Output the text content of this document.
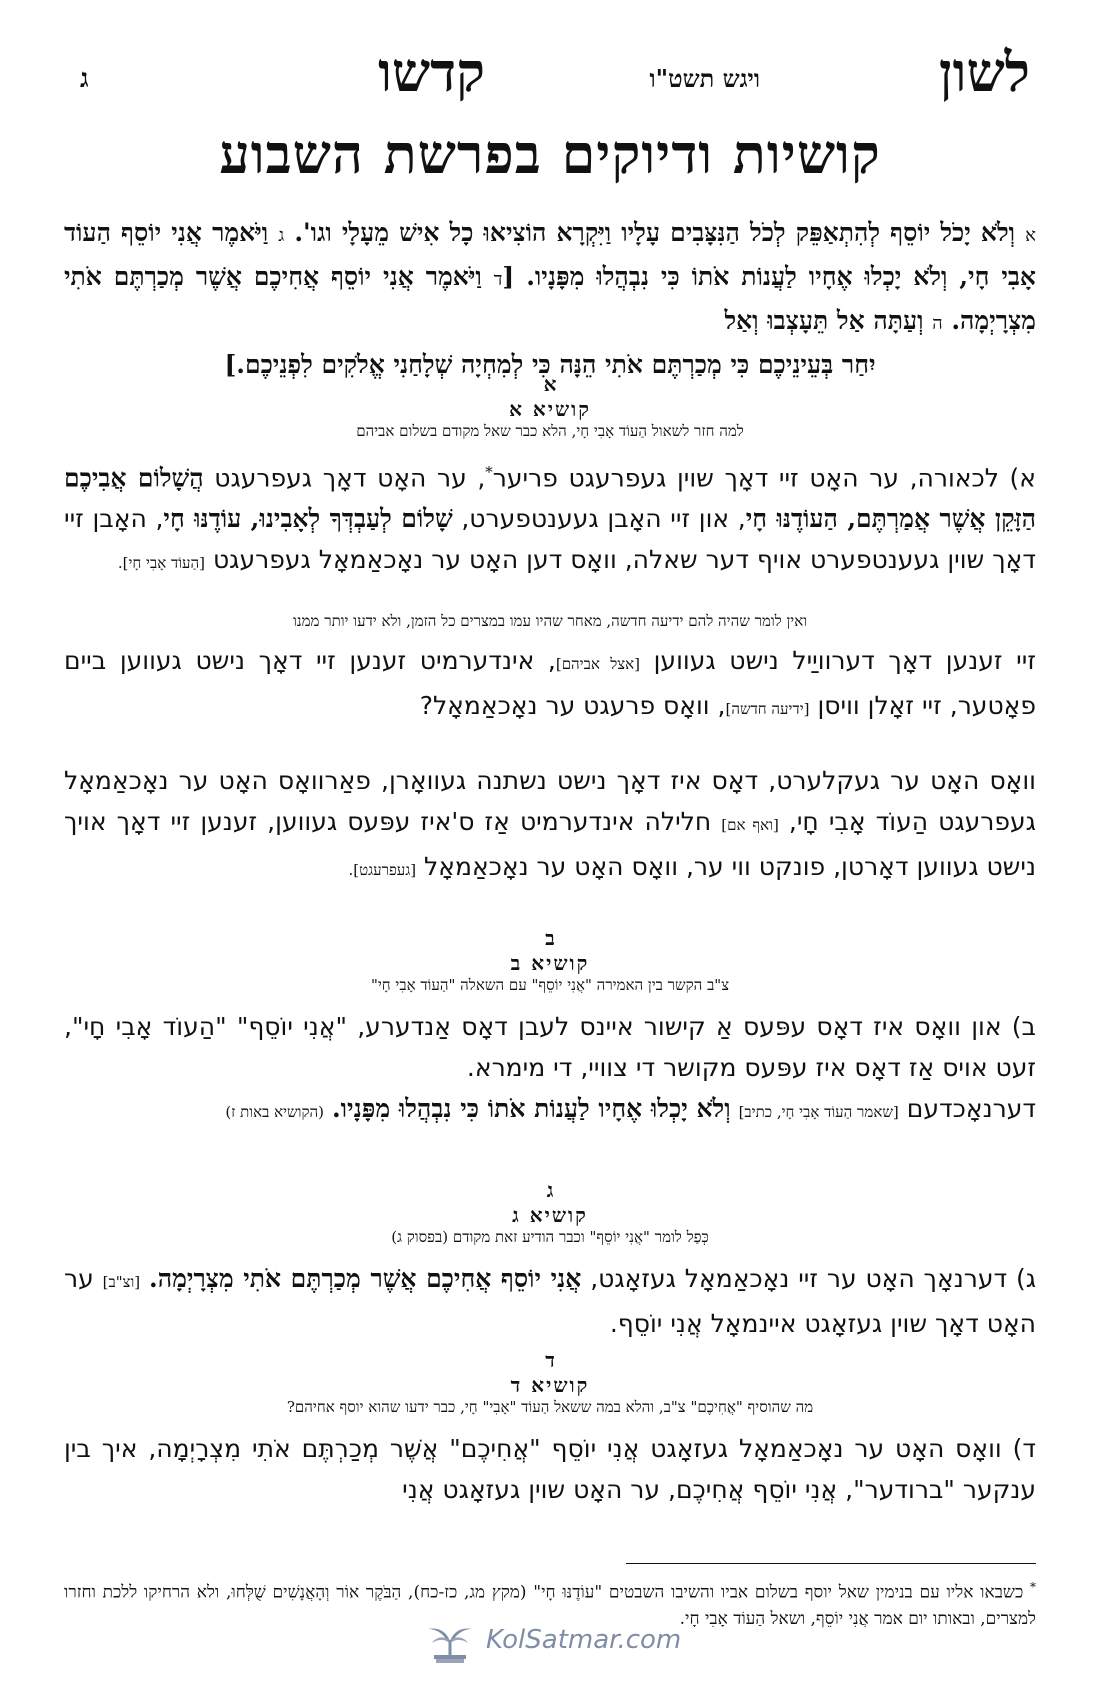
לשון
ויגש תשט"ו
קדשו
ג
קושיות ודיוקים בפרשת השבוע
א וְלֹא יָכֹל יוֹסֵף לְהִתְאַפֵּק לְכֹל הַנִּצָּבִים עָלָיו וַיִּקְרָא הוֹצִיאוּ כָל אִישׁ מֵעָלָי וגו'. ג וַיֹּאמֶר אֲנִי יוֹסֵף הַעוֹד אָבִי חָי, וְלֹא יָכְלוּ אֶחָיו לַעֲנוֹת אֹתוֹ כִּי נִבְהֲלוּ מִפָּנָיו. [ד וַיֹּאמֶר אֲנִי יוֹסֵף אֲחִיכֶם אֲשֶׁר מְכַרְתֶּם אֹתִי מִצְרָיְמָה. ה וְעַתָּה אַל תֵּעָצְבוּ וְאַל
יִחַר בְּעֵינֵיכֶם כִּי מְכַרְתֶּם אֹתִי הֵנָּה כִּי לְמִחְיָה שְׁלָחַנִי אֱלֹקִים לִפְנֵיכֶם.]
א
קושיא א
למה חזר לשאול הַעוֹד אָבִי חָי, הלא כבר שאל מקודם בשלום אביהם
א) לכאורה, ער האָט זיי דאָך שוין געפרעגט פריער*, ער האָט דאָך געפרעגט הֲשָׁלוֹם אֲבִיכֶם הַזָּקֵן אֲשֶׁר אֲמַרְתֶּם, הַעוֹדֶנּוּ חָי, און זיי האָבן געענטפערט, שָׁלוֹם לְעַבְדְּךָ לְאָבִינוּ, עוֹדֶנּוּ חָי, האָבן זיי דאָך שוין געענטפערט אויף דער שאלה, וואָס דען האָט ער נאָכאַמאָל געפרעגט [הַעוֹד אָבִי חָי].
ואין לומר שהיה להם ידיעה חדשה, מאחר שהיו עמו במצרים כל הזמן, ולא ידעו יותר ממנו
זיי זענען דאָך דערוויַיל נישט געווען [אצל אביהם], אינדערמיט זענען זיי דאָך נישט געווען ביים פאָטער, זיי זאָלן וויסן [ידיעה חדשה], וואָס פרעגט ער נאָכאַמאָל?
וואָס האָט ער געקלערט, דאָס איז דאָך נישט נשתנה געוואָרן, פאַרוואָס האָט ער נאָכאַמאָל געפרעגט הַעוֹד אָבִי חָי, [ואף אם] חלילה אינדערמיט אַז ס'איז עפּעס געווען, זענען זיי דאָך אויך נישט געווען דאָרטן, פונקט ווי ער, וואָס האָט ער נאָכאַמאָל [געפרעגט].
ב
קושיא ב
צ"ב הקשר בין האמירה "אֲנִי יוֹסֵף" עם השאלה "הַעוֹד אָבִי חָי"
ב) און וואָס איז דאָס עפּעס אַ קישור איינס לעבן דאָס אַנדערע, "אֲנִי יוֹסֵף" "הַעוֹד אָבִי חָי", זעט אויס אַז דאָס איז עפּעס מקושר די צוויי, די מימרא.
דערנאָכדעם [שאמר הַעוֹד אָבִי חָי, כתיב] וְלֹא יָכְלוּ אֶחָיו לַעֲנוֹת אֹתוֹ כִּי נִבְהֲלוּ מִפָּנָיו. (הקושיא באות ז)
ג
קושיא ג
כְּפַל לומר "אֲנִי יוֹסֵף" וכבר הודיע זאת מקודם (בפסוק ג)
ג) דערנאָך האָט ער זיי נאָכאַמאָל געזאָגט, אֲנִי יוֹסֵף אֲחִיכֶם אֲשֶׁר מְכַרְתֶּם אֹתִי מִצְרָיְמָה. [וצ"ב] ער האָט דאָך שוין געזאָגט איינמאָל אֲנִי יוֹסֵף.
ד
קושיא ד
מה שהוסיף "אֲחִיכֶם" צ"ב, והלא במה ששאל הַעוֹד "אָבִי" חָי, כבר ידעו שהוא יוסף אחיהם?
ד) וואָס האָט ער נאָכאַמאָל געזאָגט אֲנִי יוֹסֵף "אֲחִיכֶם" אֲשֶׁר מְכַרְתֶּם אֹתִי מִצְרָיְמָה, איך בין ענקער "ברודער", אֲנִי יוֹסֵף אֲחִיכֶם, ער האָט שוין געזאָגט אֲנִי
* כשבאו אליו עם בנימין שאל יוסף בשלום אביו והשיבו השבטים "עוֹדֶנּוּ חָי" (מקץ מג, כז-כח), הַבֹּקֶר אוֹר וְהָאֲנָשִׁים שֻׁלְּחוּ, ולא הרחיקו ללכת וחזרו למצרים, ובאותו יום אמר אֲנִי יוֹסֵף, ושאל הַעוֹד אָבִי חָי.
KolSatmar.com
